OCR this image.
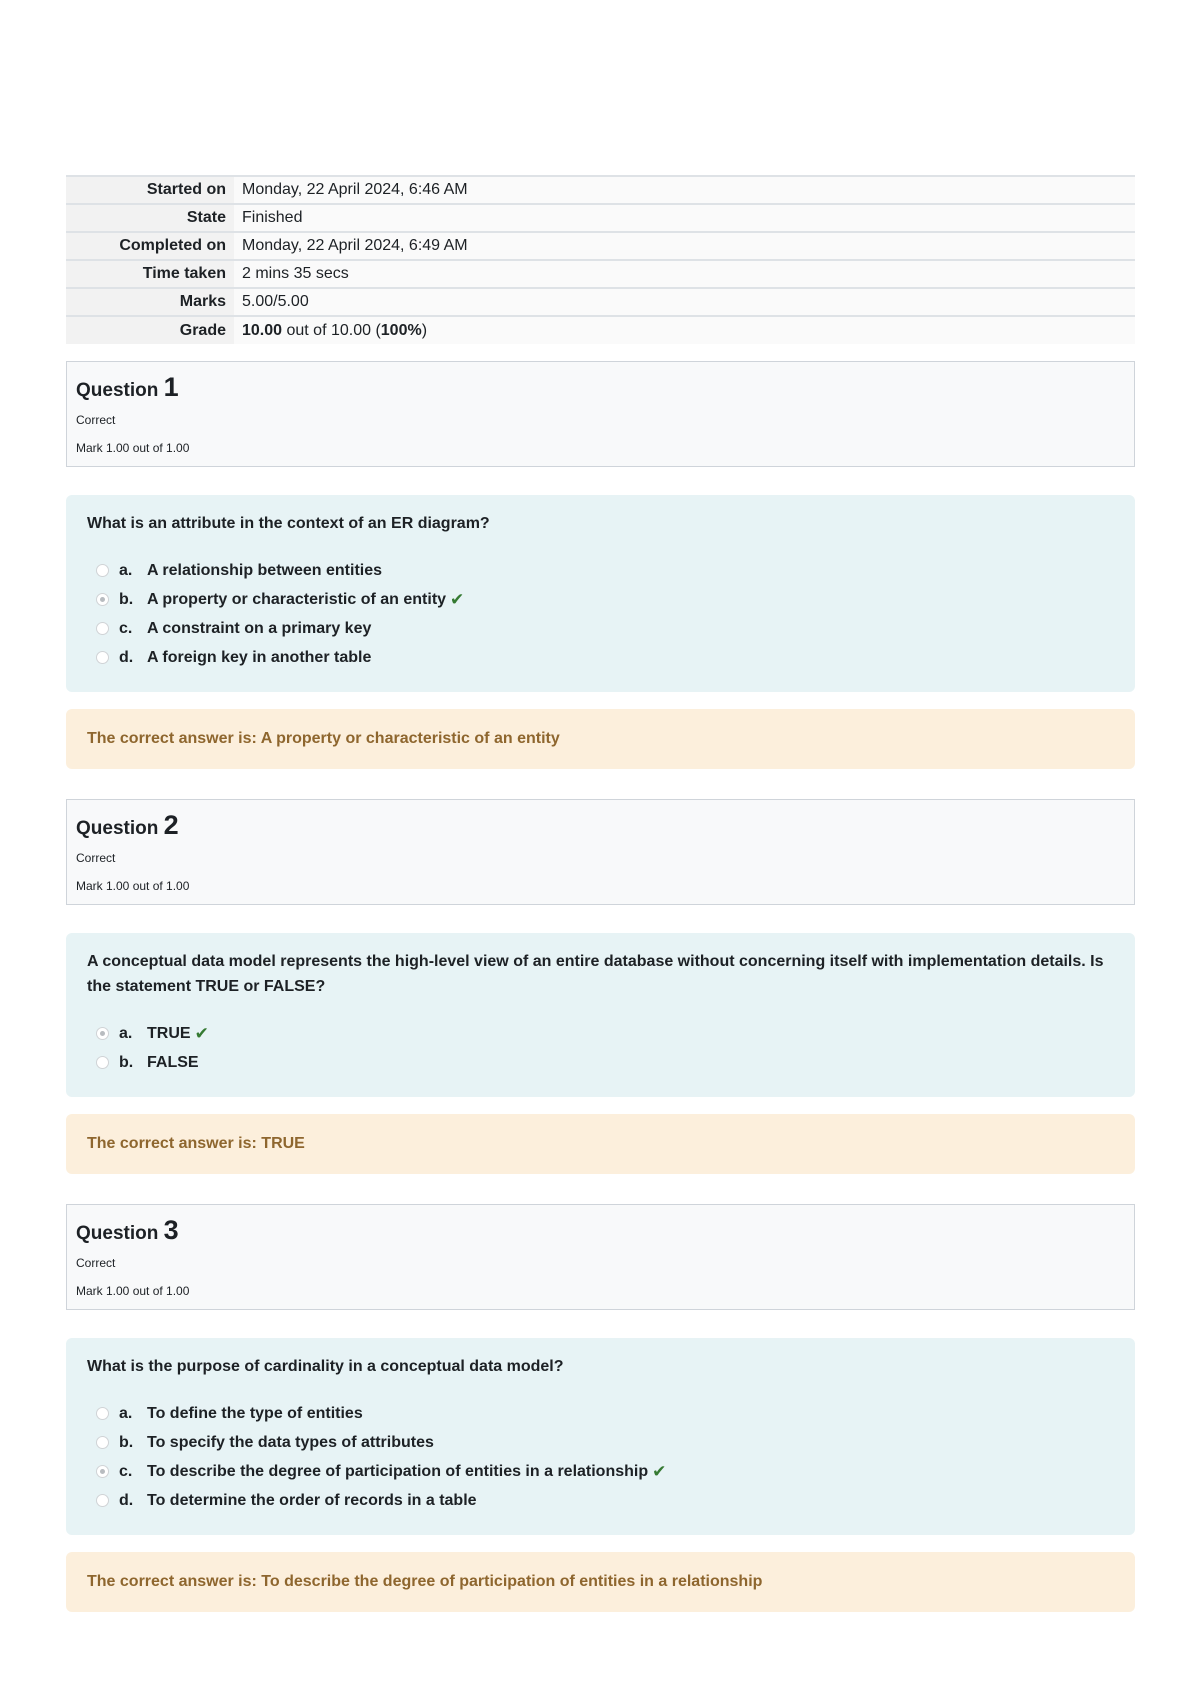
Started on	Monday, 22 April 2024, 6:46 AM
State	Finished
Completed on	Monday, 22 April 2024, 6:49 AM
Time taken	2 mins 35 secs
Marks	5.00/5.00
Grade	10.00 out of 10.00 (100%)
Question 1
Correct
Mark 1.00 out of 1.00
What is an attribute in the context of an ER diagram?
a. A relationship between entities
b. A property or characteristic of an entity ✔
c. A constraint on a primary key
d. A foreign key in another table
The correct answer is: A property or characteristic of an entity
Question 2
Correct
Mark 1.00 out of 1.00
A conceptual data model represents the high-level view of an entire database without concerning itself with implementation details. Is the statement TRUE or FALSE?
a. TRUE ✔
b. FALSE
The correct answer is: TRUE
Question 3
Correct
Mark 1.00 out of 1.00
What is the purpose of cardinality in a conceptual data model?
a. To define the type of entities
b. To specify the data types of attributes
c. To describe the degree of participation of entities in a relationship ✔
d. To determine the order of records in a table
The correct answer is: To describe the degree of participation of entities in a relationship
